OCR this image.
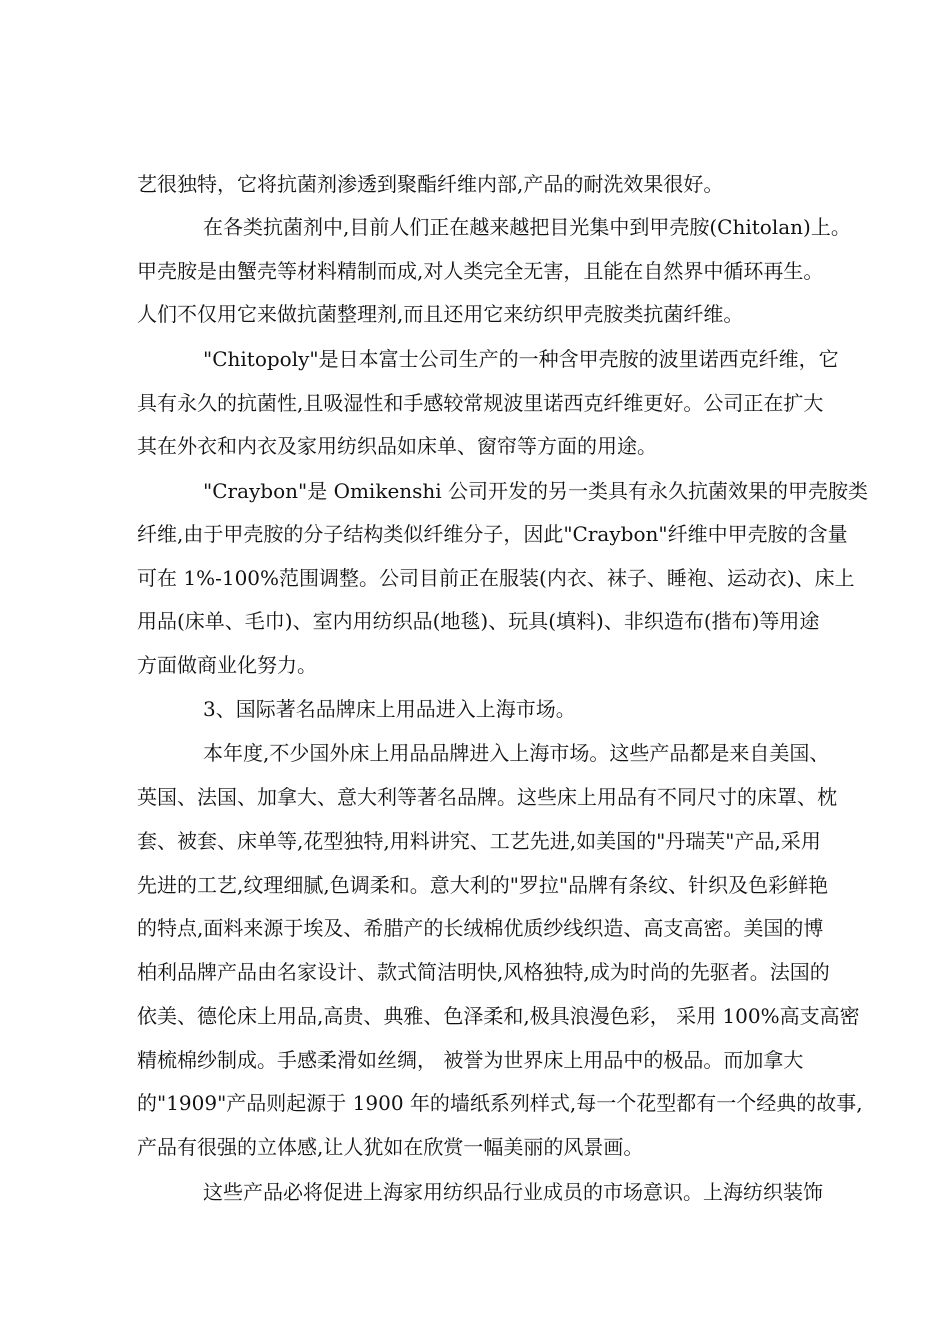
艺很独特，它将抗菌剂渗透到聚酯纤维内部,产品的耐洗效果很好。
在各类抗菌剂中,目前人们正在越来越把目光集中到甲壳胺(Chitolan)上。
甲壳胺是由蟹壳等材料精制而成,对人类完全无害，且能在自然界中循环再生。
人们不仅用它来做抗菌整理剂,而且还用它来纺织甲壳胺类抗菌纤维。
"Chitopoly"是日本富士公司生产的一种含甲壳胺的波里诺西克纤维，它
具有永久的抗菌性,且吸湿性和手感较常规波里诺西克纤维更好。公司正在扩大
其在外衣和内衣及家用纺织品如床单、窗帘等方面的用途。
"Craybon"是 Omikenshi 公司开发的另一类具有永久抗菌效果的甲壳胺类
纤维,由于甲壳胺的分子结构类似纤维分子，因此"Craybon"纤维中甲壳胺的含量
可在 1%-100%范围调整。公司目前正在服装(内衣、袜子、睡袍、运动衣)、床上
用品(床单、毛巾)、室内用纺织品(地毯)、玩具(填料)、非织造布(揩布)等用途
方面做商业化努力。
3、国际著名品牌床上用品进入上海市场。
本年度,不少国外床上用品品牌进入上海市场。这些产品都是来自美国、
英国、法国、加拿大、意大利等著名品牌。这些床上用品有不同尺寸的床罩、枕
套、被套、床单等,花型独特,用料讲究、工艺先进,如美国的"丹瑞芙"产品,采用
先进的工艺,纹理细腻,色调柔和。意大利的"罗拉"品牌有条纹、针织及色彩鲜艳
的特点,面料来源于埃及、希腊产的长绒棉优质纱线织造、高支高密。美国的博
柏利品牌产品由名家设计、款式简洁明快,风格独特,成为时尚的先驱者。法国的
依美、德伦床上用品,高贵、典雅、色泽柔和,极具浪漫色彩， 采用 100%高支高密
精梳棉纱制成。手感柔滑如丝绸， 被誉为世界床上用品中的极品。而加拿大
的"1909"产品则起源于 1900 年的墙纸系列样式,每一个花型都有一个经典的故事,
产品有很强的立体感,让人犹如在欣赏一幅美丽的风景画。
这些产品必将促进上海家用纺织品行业成员的市场意识。上海纺织装饰
